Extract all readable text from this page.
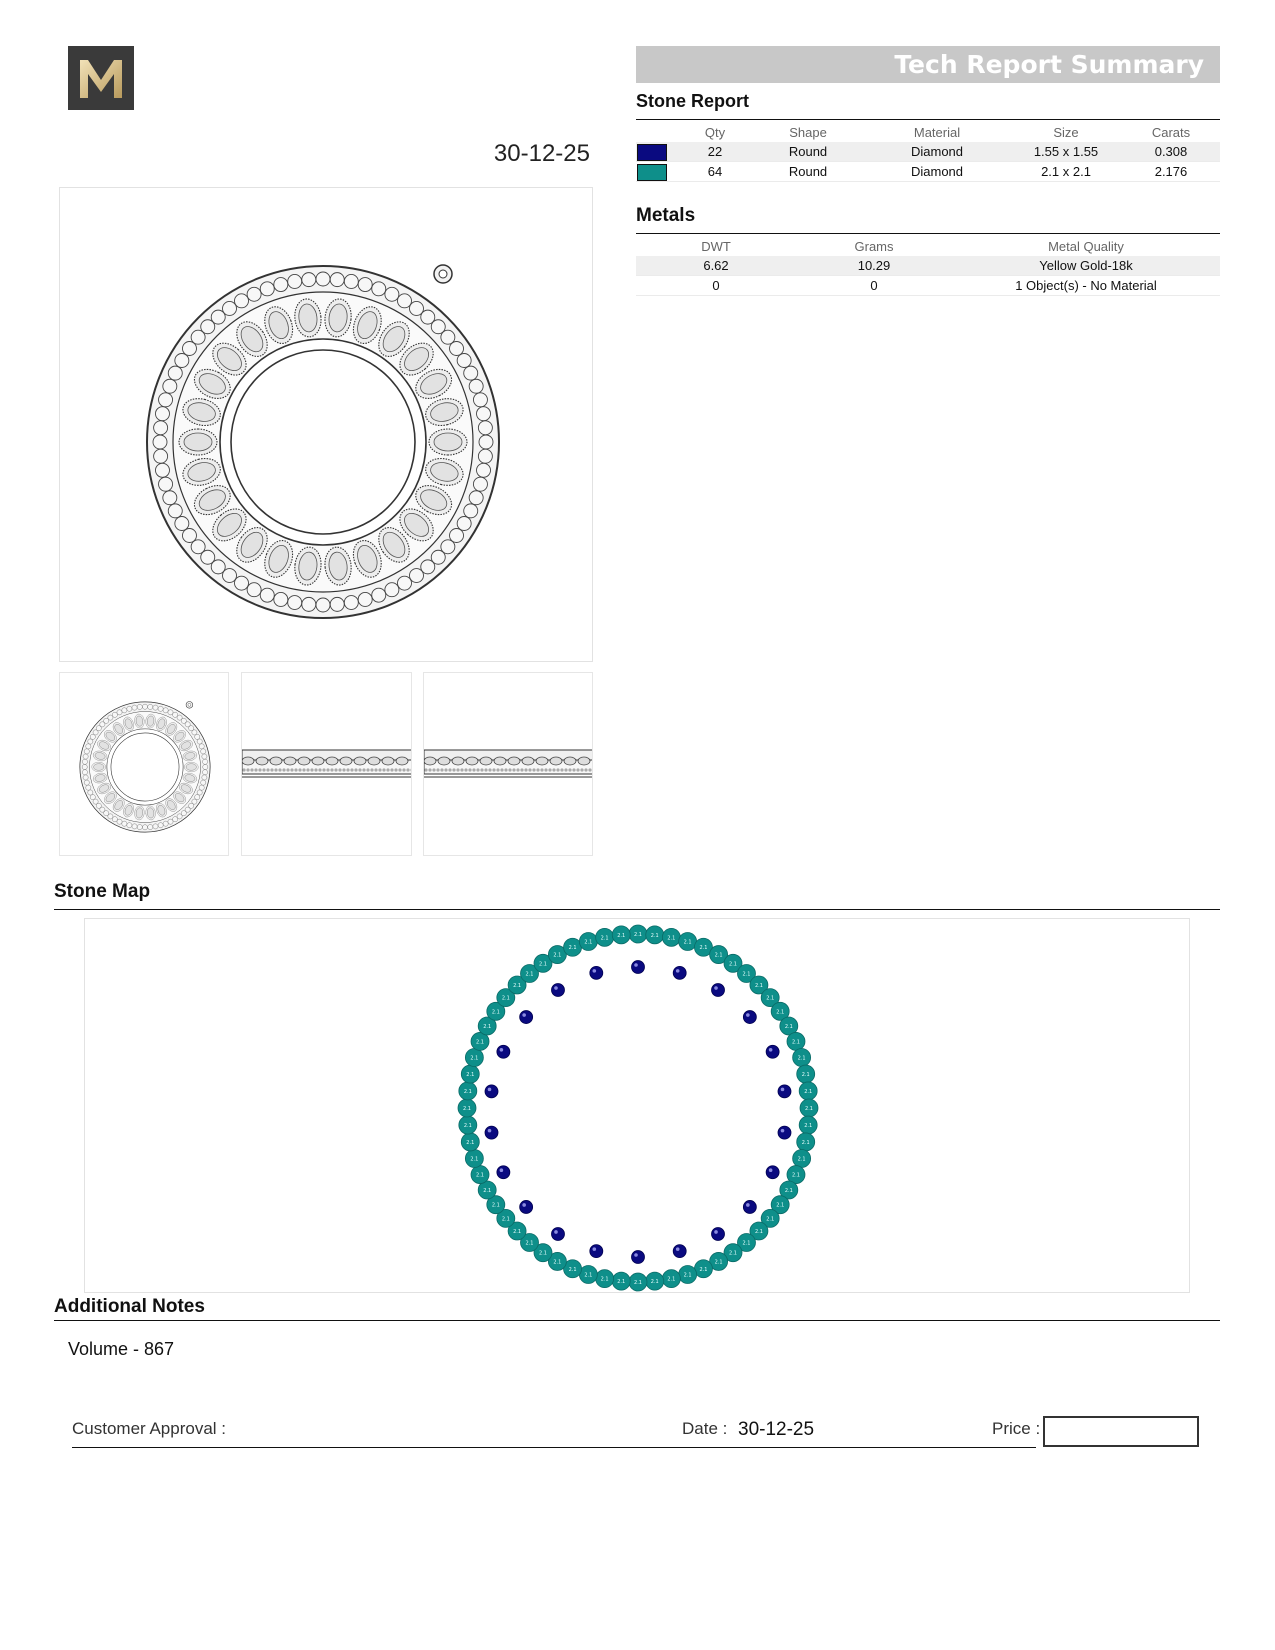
30-12-25
Tech Report Summary
Stone Report
	Qty	Shape	Material	Size	Carats

	22	Round	Diamond	1.55 x 1.55	0.308

	64	Round	Diamond	2.1 x 2.1	2.176
Metals
DWT	Grams	Metal Quality
6.62	10.29	Yellow Gold-18k
0	0	1 Object(s) - No Material
Stone Map
2.1 2.1 2.1
2.1
2.1
2.1
2.1
2.1
2.1
2.1
2.1
2.1
2.1
2.1
2.1
2.1
2.1
2.1
2.1
2.1
2.1
2.1
2.1
2.1
2.1
2.1
2.1
2.1
2.1
2.1
2.1
2.1
2.1
2.1
2.1
2.1
2.1
2.1
2.1
2.1
2.1
2.1
2.1
2.1
2.1
2.1
2.1
2.1
2.1
2.1
2.1
2.1
2.1
2.1
2.1
2.1
2.1
2.1
2.1
2.1
2.1
2.1
2.1 2.1
Additional Notes
Volume - 867
Customer Approval :	Date : 30-12-25	Price :
